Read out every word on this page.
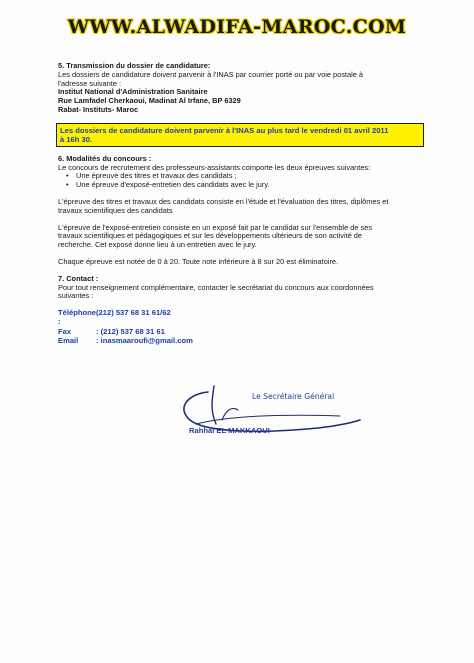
WWW.ALWADIFA-MAROC.COM
5. Transmission du dossier de candidature:
Les dossiers de candidature doivent parvenir à l'INAS par courrier porté ou par voie postale à
l'adresse suivante :
Institut National d'Administration Sanitaire
Rue Lamfadel Cherkaoui, Madinat Al Irfane, BP 6329
Rabat- Instituts- Maroc
Les dossiers de candidature doivent parvenir à l'INAS au plus tard le vendredi 01 avril 2011
à 16h 30.
6. Modalités du concours :
Le concours de recrutement des professeurs-assistants comporte les deux épreuves suivantes:
•	Une épreuve des titres et travaux des candidats ;
•	Une épreuve d'exposé-entretien des candidats avec le jury.
L'épreuve des titres et travaux des candidats consiste en l'étude et l'évaluation des titres, diplômes et
travaux scientifiques des candidats
L'épreuve de l'exposé-entretien consiste en un exposé fait par le candidat sur l'ensemble de ses
travaux scientifiques et pédagogiques et sur les développements ultérieurs de son activité de
recherche. Cet exposé donne lieu à un entretien avec le jury.
Chaque épreuve est notée de 0 à 20. Toute note inférieure à 8 sur 20 est éliminatoire.
7. Contact :
Pour tout renseignement complémentaire, contacter le secrétariat du concours aux coordonnées
suivantes :
Téléphone :
(212) 537 68 31 61/62
Fax	: (212) 537 68 31 61
Email	: inasmaaroufi@gmail.com
Le Secrétaire Général
Rahhal EL MAKKAOUI
